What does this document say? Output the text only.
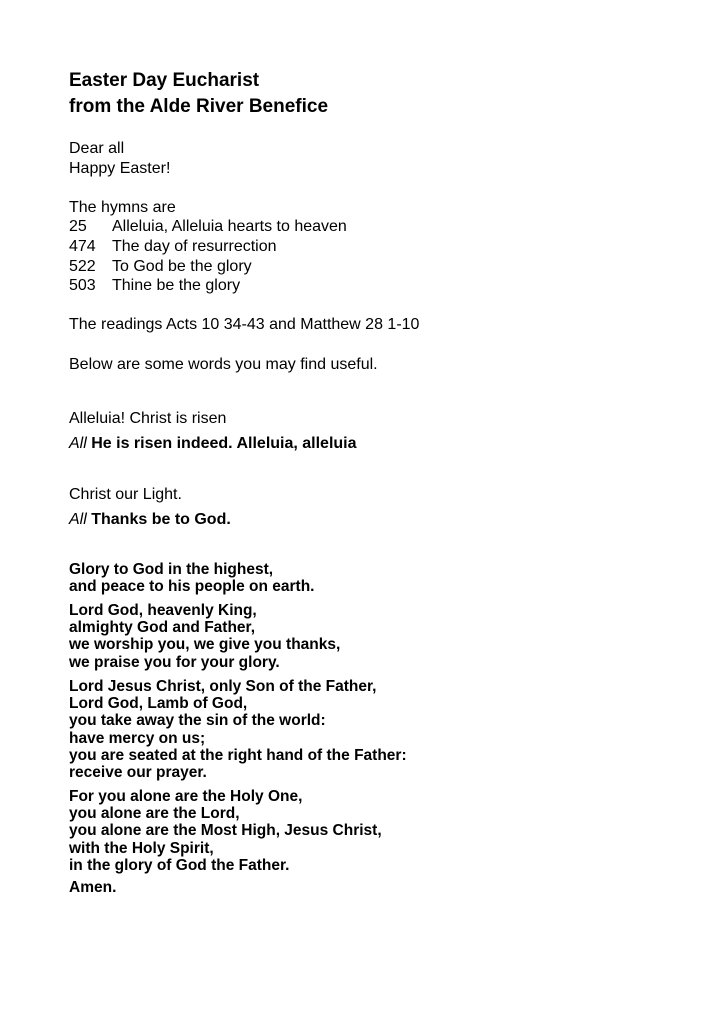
Easter Day Eucharist
from the Alde River Benefice
Dear all
Happy Easter!
The hymns are
25 Alleluia, Alleluia hearts to heaven
474 The day of resurrection
522 To God be the glory
503 Thine be the glory
The readings Acts 10 34-43 and Matthew 28 1-10
Below are some words you may find useful.
Alleluia! Christ is risen
All He is risen indeed. Alleluia, alleluia
Christ our Light.
All Thanks be to God.
Glory to God in the highest,
and peace to his people on earth.
Lord God, heavenly King,
almighty God and Father,
we worship you, we give you thanks,
we praise you for your glory.
Lord Jesus Christ, only Son of the Father,
Lord God, Lamb of God,
you take away the sin of the world:
have mercy on us;
you are seated at the right hand of the Father:
receive our prayer.
For you alone are the Holy One,
you alone are the Lord,
you alone are the Most High, Jesus Christ,
with the Holy Spirit,
in the glory of God the Father.
Amen.
